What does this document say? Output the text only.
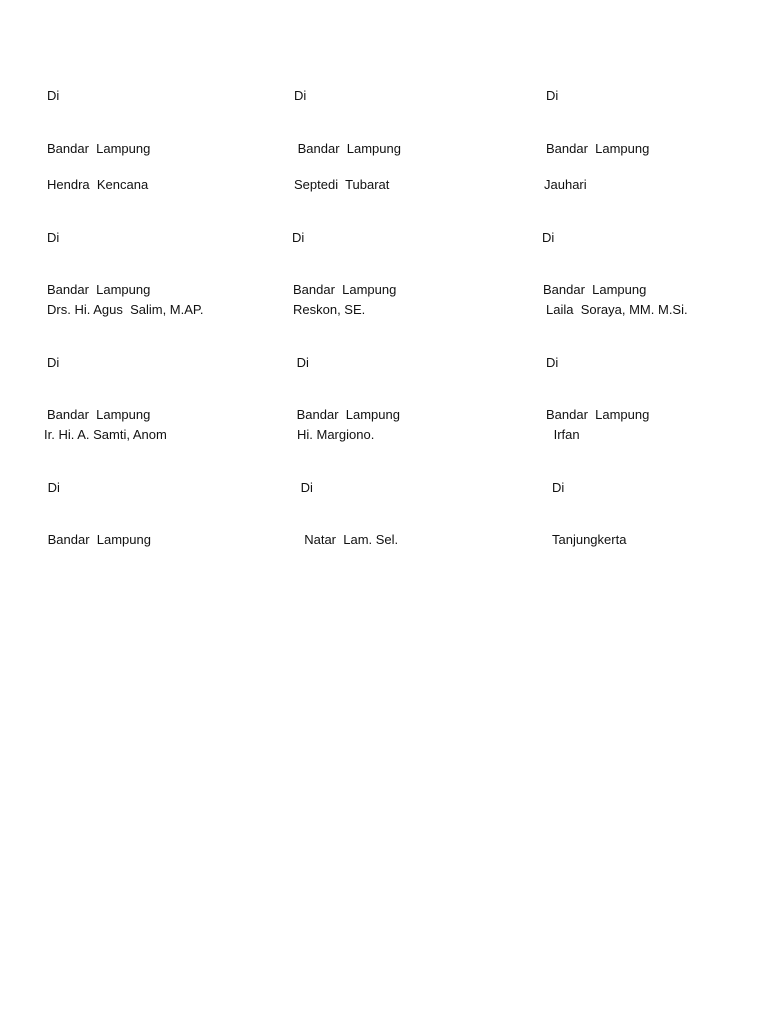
Di

Bandar  Lampung

Di

Bandar  Lampung

Di

Bandar  Lampung

Hendra  Kencana

Di

Bandar  Lampung

Septedi  Tubarat

Di

Bandar  Lampung

Jauhari

Di

Bandar  Lampung

Drs. Hi. Agus  Salim, M.AP.

Di

Bandar  Lampung

Reskon, SE.

Di

Bandar  Lampung

Laila  Soraya, MM. M.Si.

Di

Bandar  Lampung

Ir. Hi. A. Samti, Anom

Di

Bandar  Lampung

Hi. Margiono.

Di

Natar  Lam. Sel.

Irfan

Di

Tanjungkerta
